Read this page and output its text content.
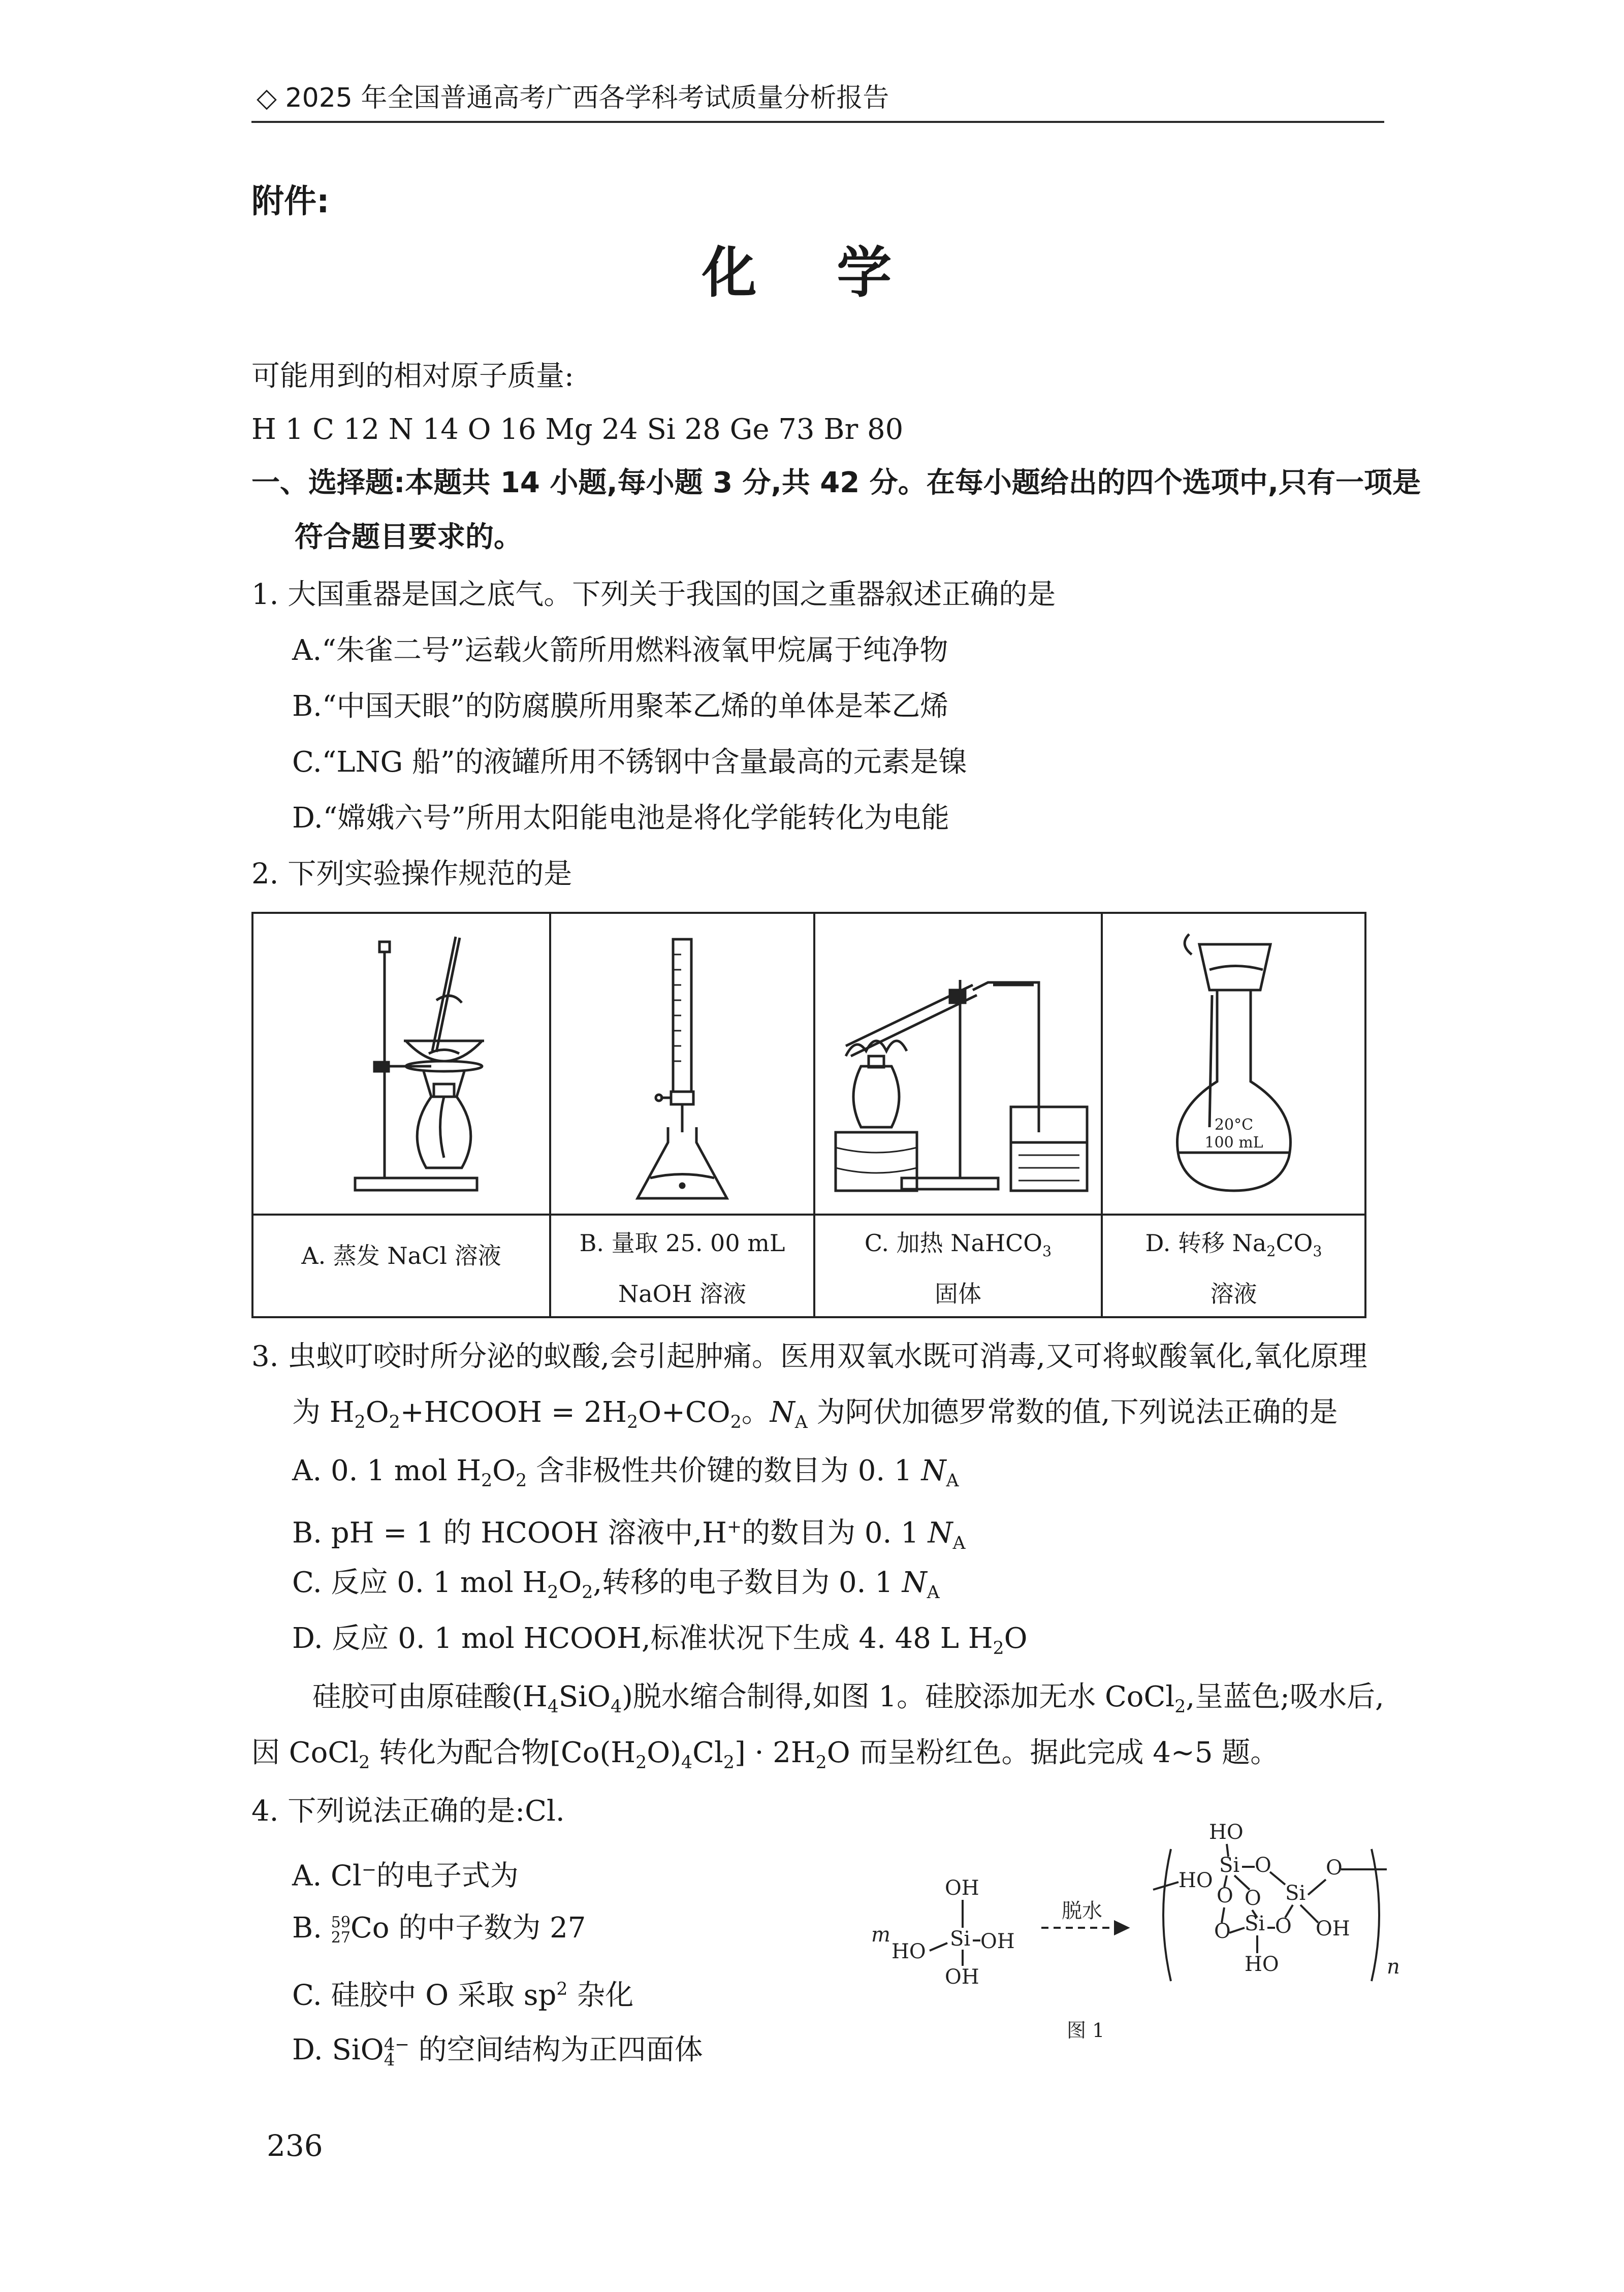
◇ 2025 年全国普通高考广西各学科考试质量分析报告
附件:
化 学
可能用到的相对原子质量:
H 1 C 12 N 14 O 16 Mg 24 Si 28 Ge 73 Br 80
一、选择题:本题共 14 小题,每小题 3 分,共 42 分。在每小题给出的四个选项中,只有一项是
符合题目要求的。
1. 大国重器是国之底气。下列关于我国的国之重器叙述正确的是
A.“朱雀二号”运载火箭所用燃料液氧甲烷属于纯净物
B.“中国天眼”的防腐膜所用聚苯乙烯的单体是苯乙烯
C.“LNG 船”的液罐所用不锈钢中含量最高的元素是镍
D.“嫦娥六号”所用太阳能电池是将化学能转化为电能
2. 下列实验操作规范的是
A. 蒸发 NaCl 溶液	B. 量取 25. 00 mL
NaOH 溶液
C. 加热 NaHCO$_3$
固体
20°C
100 mL
D. 转移 $Na_2CO_3$
溶液
3. 虫蚁叮咬时所分泌的蚁酸,会引起肿痛。医用双氧水既可消毒,又可将蚁酸氧化,氧化原理
为 $H_2O_2+HCOOH = 2H_2O+CO_2$。$N_A$ 为阿伏加德罗常数的值,下列说法正确的是
A. 0. 1 mol $H_2O_2$ 含非极性共价键的数目为 0. 1 $N_A$
B. pH = 1 的 HCOOH 溶液中,H+的数目为 0. 1 $N_A$
C. 反应 0. 1 mol $H_2O_2$,转移的电子数目为 0. 1 $N_A$
D. 反应 0. 1 mol HCOOH,标准状况下生成 4. 48 L $H_2O$
硅胶可由原硅酸$(H_4SiO_4)$脱水缩合制得,如图 1。硅胶添加无水 CoCl$_2$,呈蓝色;吸水后,
因 CoCl$_2$ 转化为配合物$[Co(H_2O)_4Cl_2] \cdot 2H_2O$ 而呈粉红色。据此完成 4~5 题。
4. 下列说法正确的是:Cl.
A. Cl−的电子式为
B. 59
27 Co 的中子数为 27
C. 硅胶中 O 采取 $sp^2$ 杂化
D. SiO 4−
4 的空间结构为正四面体
m
OH
HO
Si OH
OH
脱水
HO
Si O
HO
O O Si
O
O Si O OH
HO	n
图 1
236
